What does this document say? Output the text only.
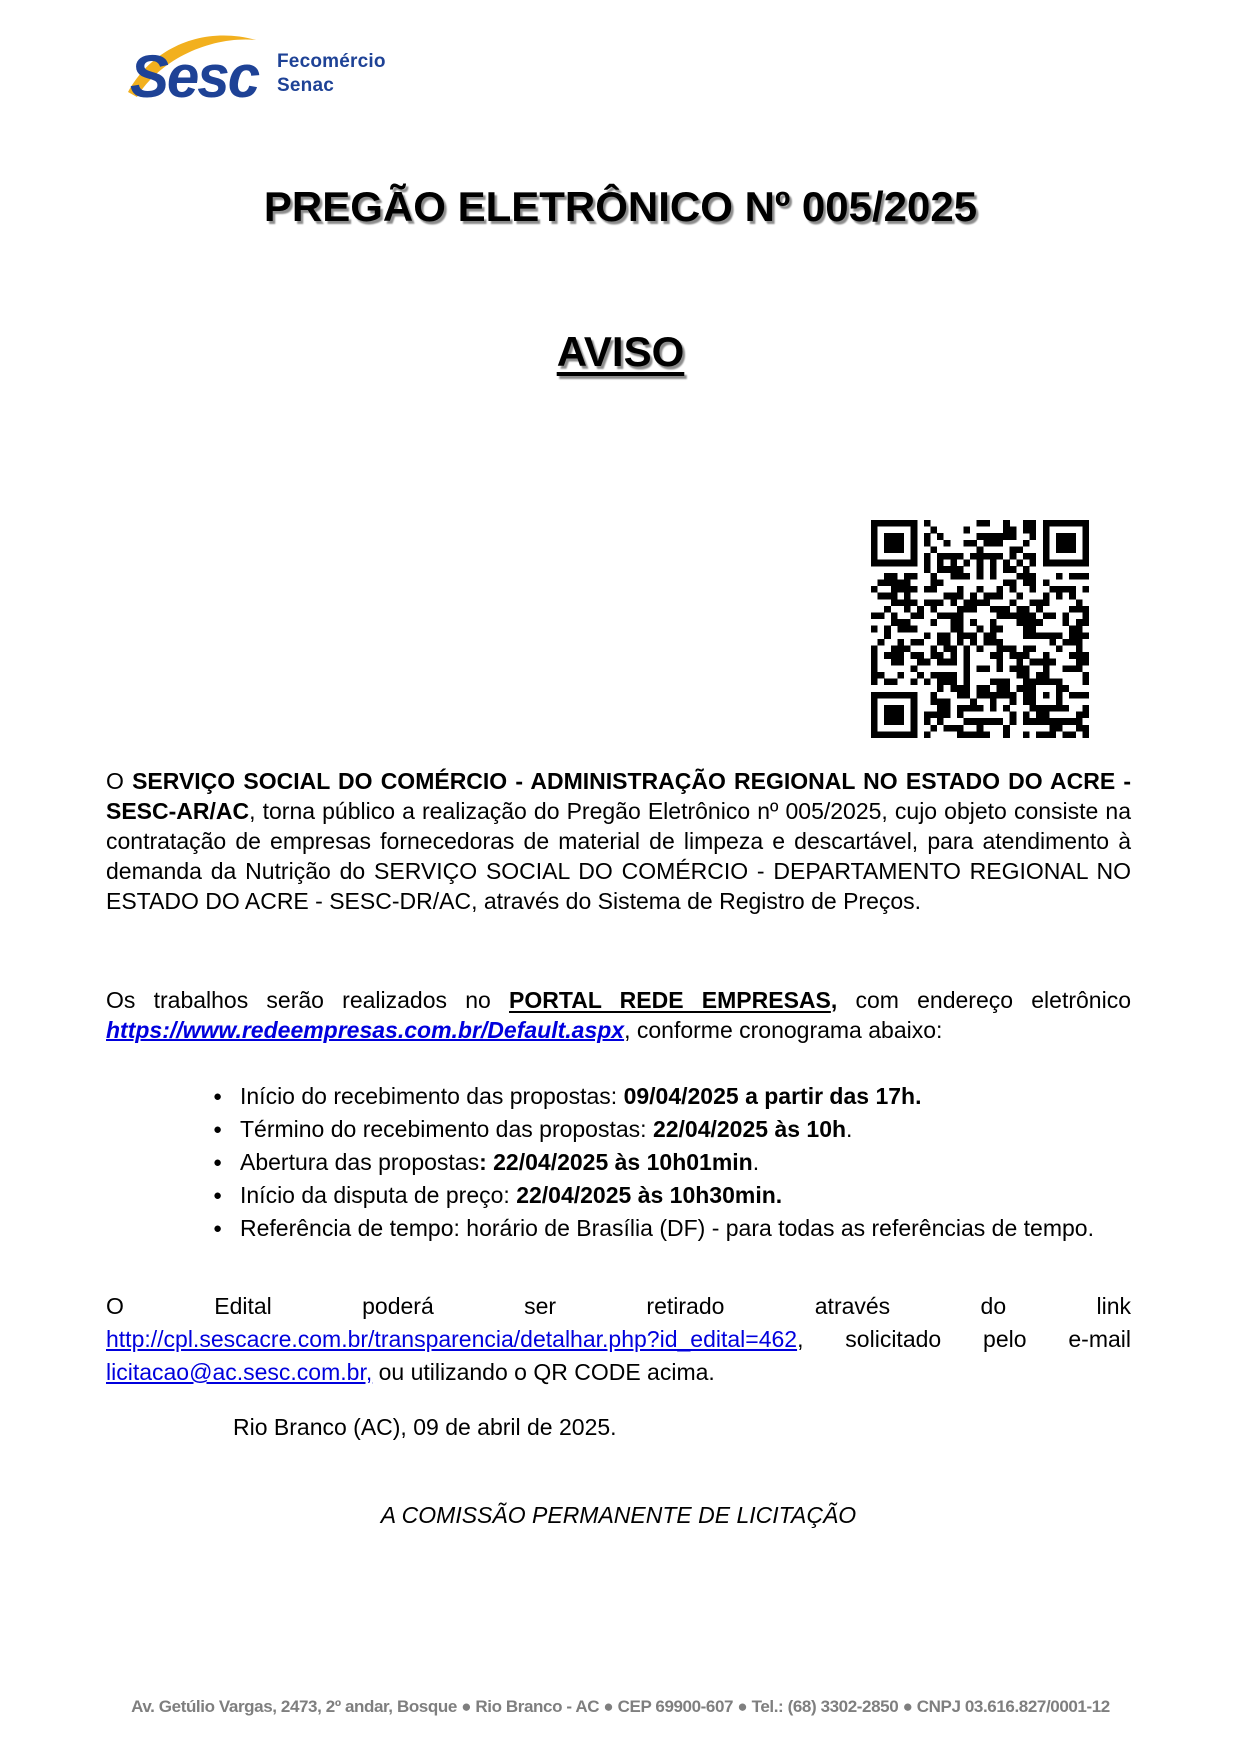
Sesc Fecomércio
Senac
PREGÃO ELETRÔNICO Nº 005/2025
AVISO

O SERVIÇO SOCIAL DO COMÉRCIO - ADMINISTRAÇÃO REGIONAL NO ESTADO DO ACRE - SESC-AR/AC, torna público a realização do Pregão Eletrônico nº 005/2025, cujo objeto consiste na contratação de empresas fornecedoras de material de limpeza e descartável, para atendimento à demanda da Nutrição do SERVIÇO SOCIAL DO COMÉRCIO - DEPARTAMENTO REGIONAL NO ESTADO DO ACRE - SESC-DR/AC, através do Sistema de Registro de Preços.

Os trabalhos serão realizados no PORTAL REDE EMPRESAS, com endereço eletrônico https://www.redeempresas.com.br/Default.aspx, conforme cronograma abaixo:

● Início do recebimento das propostas: 09/04/2025 a partir das 17h.
● Término do recebimento das propostas: 22/04/2025 às 10h.
● Abertura das propostas: 22/04/2025 às 10h01min.
● Início da disputa de preço: 22/04/2025 às 10h30min.
● Referência de tempo: horário de Brasília (DF) - para todas as referências de tempo.
O Edital poderá ser retirado através do link
http://cpl.sescacre.com.br/transparencia/detalhar.php?id_edital=462, solicitado pelo e-mail
licitacao@ac.sesc.com.br, ou utilizando o QR CODE acima.

Rio Branco (AC), 09 de abril de 2025.

A COMISSÃO PERMANENTE DE LICITAÇÃO

Av. Getúlio Vargas, 2473, 2º andar, Bosque ● Rio Branco - AC ● CEP 69900-607 ● Tel.: (68) 3302-2850 ● CNPJ 03.616.827/0001-12
